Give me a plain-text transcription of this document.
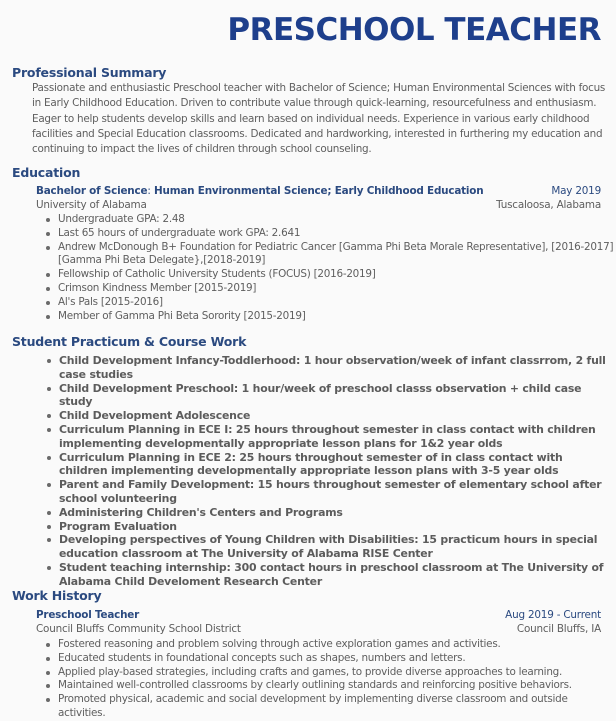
PRESCHOOL TEACHER
Professional Summary

Passionate and enthusiastic Preschool teacher with Bachelor of Science; Human Environmental Sciences with focus in Early Childhood Education. Driven to contribute value through quick-learning, resourcefulness and enthusiasm. Eager to help students develop skills and learn based on individual needs. Experience in various early childhood facilities and Special Education classrooms. Dedicated and hardworking, interested in furthering my education and continuing to impact the lives of children through school counseling.

Education
Bachelor of Science: Human Environmental Science; Early Childhood Education	May 2019
University of Alabama	Tuscaloosa, Alabama
Undergraduate GPA: 2.48
Last 65 hours of undergraduate work GPA: 2.641
Andrew McDonough B+ Foundation for Pediatric Cancer [Gamma Phi Beta Morale Representative], [2016-2017] [Gamma Phi Beta Delegate},[2018-2019]
Fellowship of Catholic University Students (FOCUS) [2016-2019]
Crimson Kindness Member [2015-2019]
Al's Pals [2015-2016]
Member of Gamma Phi Beta Sorority [2015-2019]
Student Practicum & Course Work
Child Development Infancy-Toddlerhood: 1 hour observation/week of infant classrrom, 2 full case studies
Child Development Preschool: 1 hour/week of preschool classs observation + child case study
Child Development Adolescence
Curriculum Planning in ECE I: 25 hours throughout semester in class contact with children implementing developmentally appropriate lesson plans for 1&2 year olds
Curriculum Planning in ECE 2: 25 hours throughout semester of in class contact with children implementing developmentally appropriate lesson plans with 3-5 year olds
Parent and Family Development: 15 hours throughout semester of elementary school after school volunteering
Administering Children's Centers and Programs
Program Evaluation
Developing perspectives of Young Children with Disabilities: 15 practicum hours in special education classroom at The University of Alabama RISE Center
Student teaching internship: 300 contact hours in preschool classroom at The University of Alabama Child Develoment Research Center
Work History
Preschool Teacher	Aug 2019 - Current
Council Bluffs Community School District	Council Bluffs, IA
Fostered reasoning and problem solving through active exploration games and activities.
Educated students in foundational concepts such as shapes, numbers and letters.
Applied play-based strategies, including crafts and games, to provide diverse approaches to learning.
Maintained well-controlled classrooms by clearly outlining standards and reinforcing positive behaviors.
Promoted physical, academic and social development by implementing diverse classroom and outside activities.
